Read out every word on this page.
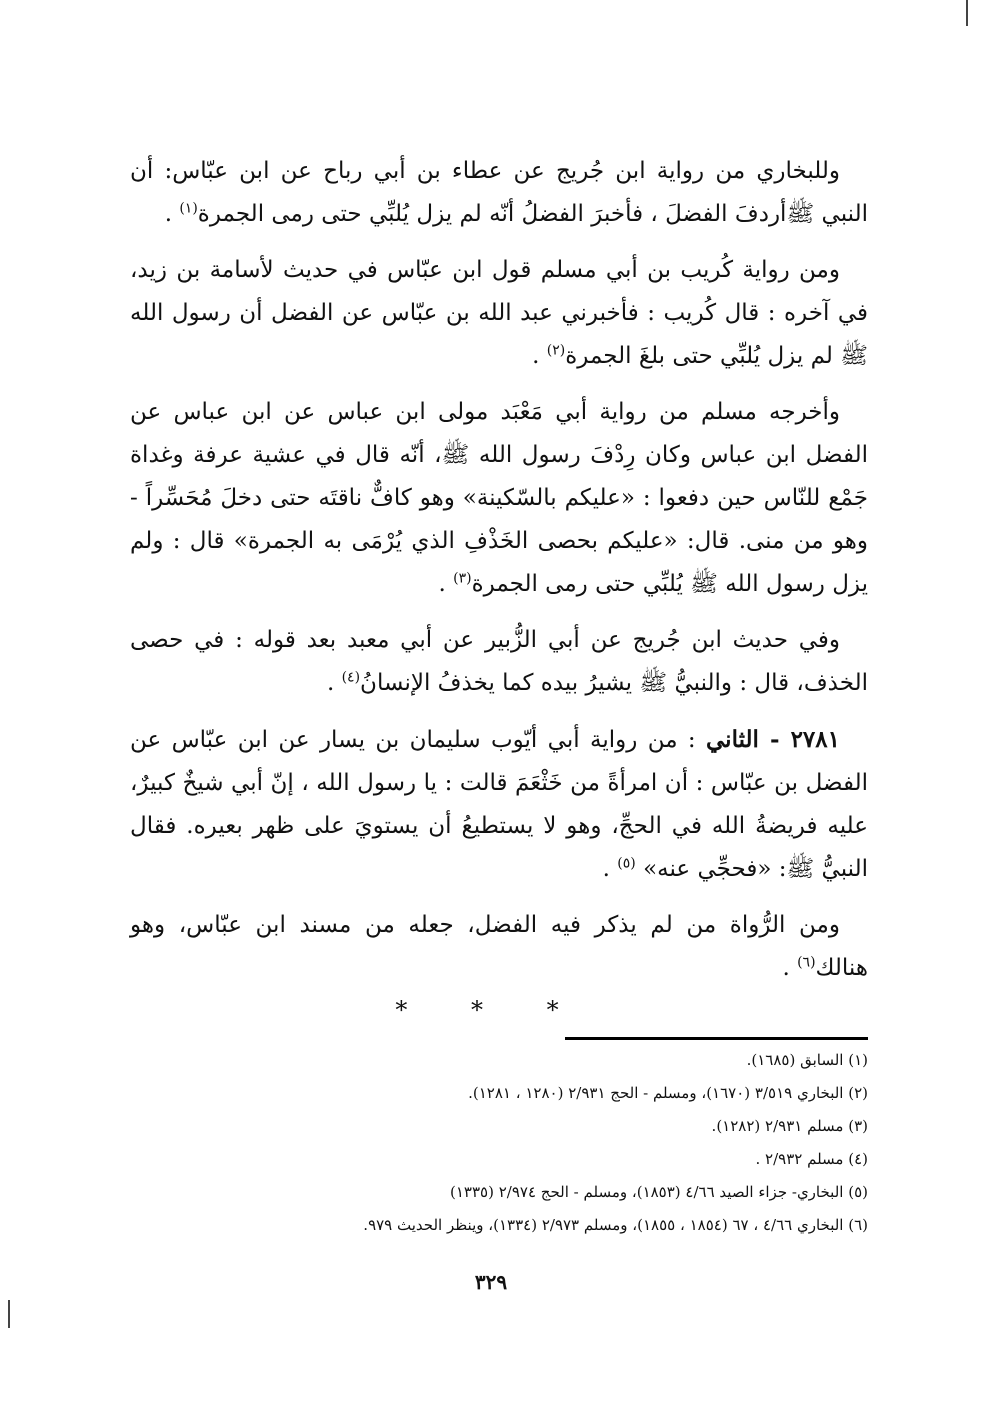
وللبخاري من رواية ابن جُريج عن عطاء بن أبي رباح عن ابن عبّاس: أن النبي ﷺأردفَ الفضلَ ، فأخبرَ الفضلُ أنّه لم يزل يُلبِّي حتى رمى الجمرة$^{(١)}$ .

ومن رواية كُريب بن أبي مسلم قول ابن عبّاس في حديث لأسامة بن زيد، في آخره : قال كُريب : فأخبرني عبد الله بن عبّاس عن الفضل أن رسول الله ﷺ لم يزل يُلبِّي حتى بلغَ الجمرة$^{(٢)}$ .

وأخرجه مسلم من رواية أبي مَعْبَد مولى ابن عباس عن ابن عباس عن الفضل ابن عباس وكان رِدْفَ رسول الله ﷺ، أنّه قال في عشية عرفة وغداة جَمْع للنّاس حين دفعوا : «عليكم بالسّكينة» وهو كافٌّ ناقتَه حتى دخلَ مُحَسِّراً - وهو من منى. قال: «عليكم بحصى الخَذْفِ الذي يُرْمَى به الجمرة» قال : ولم يزل رسول الله ﷺ يُلبِّي حتى رمى الجمرة$^{(٣)}$ .

وفي حديث ابن جُريج عن أبي الزُّبير عن أبي معبد بعد قوله : في حصى الخذف، قال : والنبيُّ ﷺ يشيرُ بيده كما يخذفُ الإنسانُ$^{(٤)}$ .

٢٧٨١ - الثاني : من رواية أبي أيّوب سليمان بن يسار عن ابن عبّاس عن الفضل بن عبّاس : أن امرأةً من خَثْعَمَ قالت : يا رسول الله ، إنّ أبي شيخٌ كبيرٌ، عليه فريضةُ الله في الحجِّ، وهو لا يستطيعُ أن يستويَ على ظهر بعيره. فقال النبيُّ ﷺ: «فحجِّي عنه» $^{(٥)}$ .

ومن الرُّواة من لم يذكر فيه الفضل، جعله من مسند ابن عبّاس، وهو هنالك$^{(٦)}$ .

* * *
(١) السابق (١٦٨٥).
(٢) البخاري ٣/٥١٩ (١٦٧٠)، ومسلم - الحج ٢/٩٣١ (١٢٨٠ ، ١٢٨١).
(٣) مسلم ٢/٩٣١ (١٢٨٢).
(٤) مسلم ٢/٩٣٢ .
(٥) البخاري- جزاء الصيد ٤/٦٦ (١٨٥٣)، ومسلم - الحج ٢/٩٧٤ (١٣٣٥)
(٦) البخاري ٤/٦٦ ، ٦٧ (١٨٥٤ ، ١٨٥٥)، ومسلم ٢/٩٧٣ (١٣٣٤)، وينظر الحديث ٩٧٩.
٣٢٩
